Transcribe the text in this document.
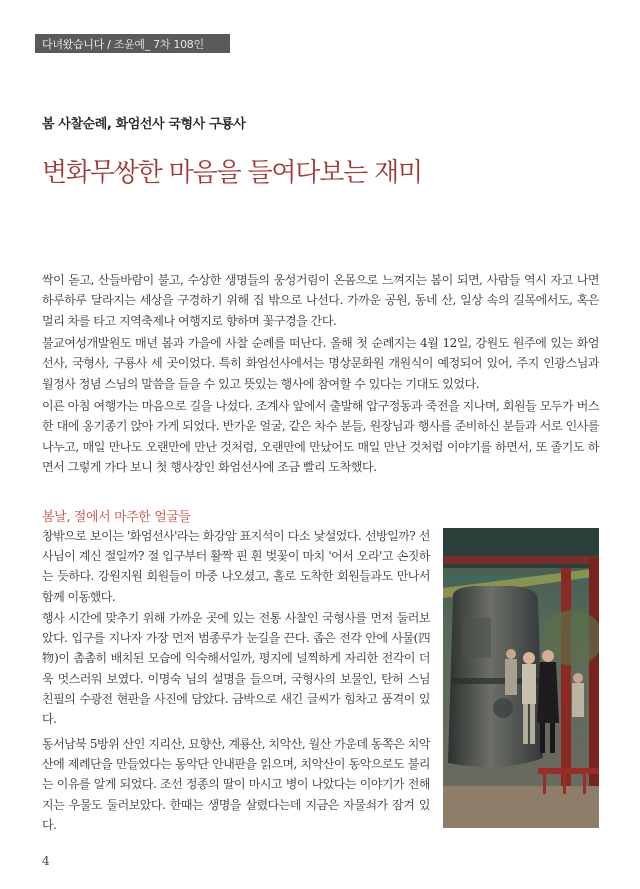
다녀왔습니다 / 조윤예_ 7차 108인
봄 사찰순례, 화엄선사 국형사 구룡사
변화무쌍한 마음을 들여다보는 재미

싹이 돋고, 산들바람이 불고, 수상한 생명들의 웅성거림이 온몸으로 느껴지는 봄이 되면, 사람들 역시 자고 나면 하루하루 달라지는 세상을 구경하기 위해 집 밖으로 나선다. 가까운 공원, 동네 산, 일상 속의 길목에서도, 혹은 멀리 차를 타고 지역축제나 여행지로 향하며 꽃구경을 간다.

불교여성개발원도 매년 봄과 가을에 사찰 순례를 떠난다. 올해 첫 순례지는 4월 12일, 강원도 원주에 있는 화엄선사, 국형사, 구룡사 세 곳이었다. 특히 화엄선사에서는 명상문화원 개원식이 예정되어 있어, 주지 인광스님과 월정사 정념 스님의 말씀을 들을 수 있고 뜻있는 행사에 참여할 수 있다는 기대도 있었다.

이른 아침 여행가는 마음으로 길을 나섰다. 조계사 앞에서 출발해 압구정동과 죽전을 지나며, 회원들 모두가 버스 한 대에 옹기종기 앉아 가게 되었다. 반가운 얼굴, 같은 차수 분들, 원장님과 행사를 준비하신 분들과 서로 인사를 나누고, 매일 만나도 오랜만에 만난 것처럼, 오랜만에 만났어도 매일 만난 것처럼 이야기를 하면서, 또 졸기도 하면서 그렇게 가다 보니 첫 행사장인 화엄선사에 조금 빨리 도착했다.

봄날, 절에서 마주한 얼굴들

창밖으로 보이는 '화엄선사'라는 화강암 표지석이 다소 낯설었다. 선방일까? 선사님이 계신 절일까? 절 입구부터 활짝 핀 흰 벚꽃이 마치 '어서 오라'고 손짓하는 듯하다. 강원지원 회원들이 마중 나오셨고, 홀로 도착한 회원들과도 만나서 함께 이동했다.

행사 시간에 맞추기 위해 가까운 곳에 있는 전통 사찰인 국형사를 먼저 둘러보았다. 입구를 지나자 가장 먼저 범종루가 눈길을 끈다. 좁은 전각 안에 사물(四物)이 촘촘히 배치된 모습에 익숙해서일까, 평지에 널찍하게 자리한 전각이 더욱 멋스러워 보였다. 이명숙 님의 설명을 들으며, 국형사의 보물인, 탄허 스님 친필의 수광전 현판을 사진에 담았다. 금박으로 새긴 글씨가 힘차고 품격이 있다.

동서남북 5방위 산인 지리산, 묘향산, 계룡산, 치악산, 월산 가운데 동쪽은 치악산에 제례단을 만들었다는 동악단 안내판을 읽으며, 치악산이 동악으로도 불리는 이유를 알게 되었다. 조선 정종의 딸이 마시고 병이 나았다는 이야기가 전해지는 우물도 둘러보았다. 한때는 생명을 살렸다는데 지금은 자물쇠가 잠겨 있다.

4
